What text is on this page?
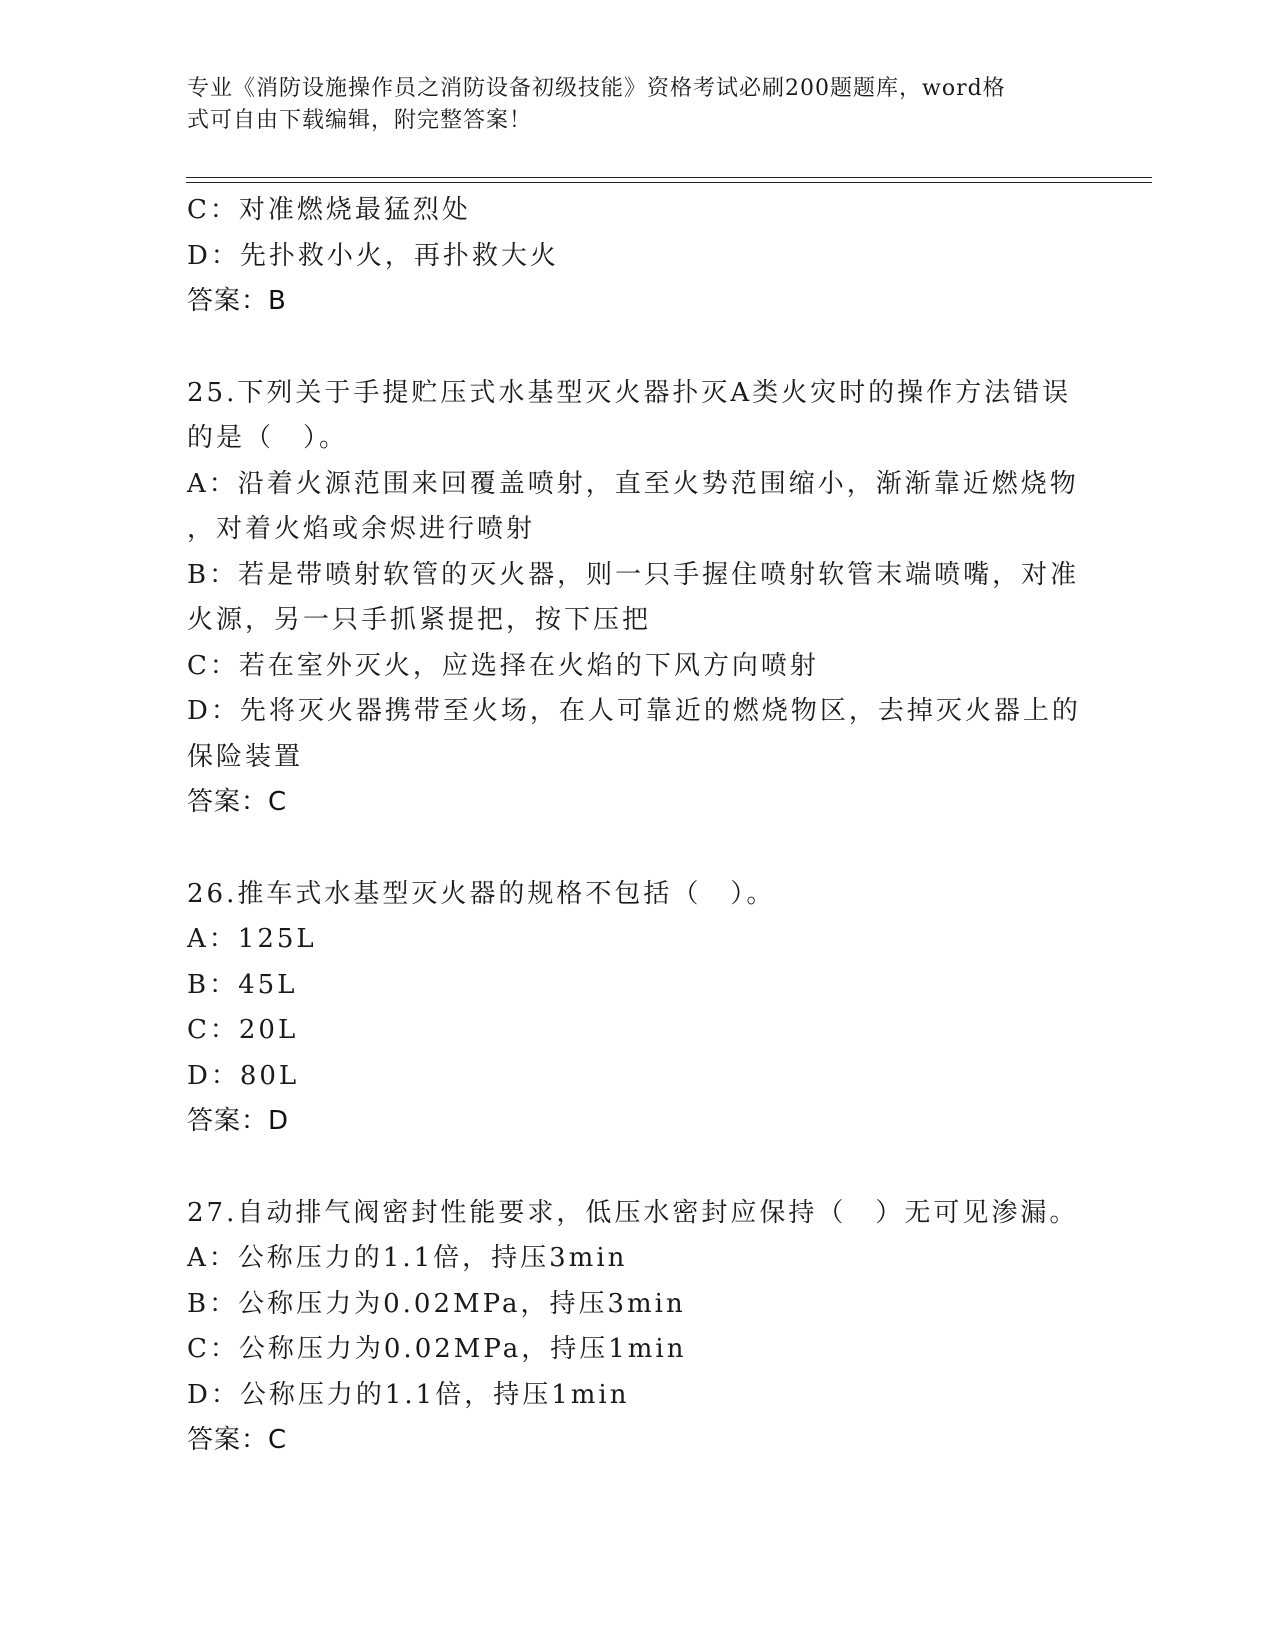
专业《消防设施操作员之消防设备初级技能》资格考试必刷200题题库，word格
式可自由下载编辑，附完整答案！
C：对准燃烧最猛烈处
D：先扑救小火，再扑救大火
答案：B
25.下列关于手提贮压式水基型灭火器扑灭A类火灾时的操作方法错误
的是（　）。
A：沿着火源范围来回覆盖喷射，直至火势范围缩小，渐渐靠近燃烧物
，对着火焰或余烬进行喷射
B：若是带喷射软管的灭火器，则一只手握住喷射软管末端喷嘴，对准
火源，另一只手抓紧提把，按下压把
C：若在室外灭火，应选择在火焰的下风方向喷射
D：先将灭火器携带至火场，在人可靠近的燃烧物区，去掉灭火器上的
保险装置
答案：C
26.推车式水基型灭火器的规格不包括（　）。
A：125L
B：45L
C：20L
D：80L
答案：D
27.自动排气阀密封性能要求，低压水密封应保持（　）无可见渗漏。
A：公称压力的1.1倍，持压3min
B：公称压力为0.02MPa，持压3min
C：公称压力为0.02MPa，持压1min
D：公称压力的1.1倍，持压1min
答案：C
